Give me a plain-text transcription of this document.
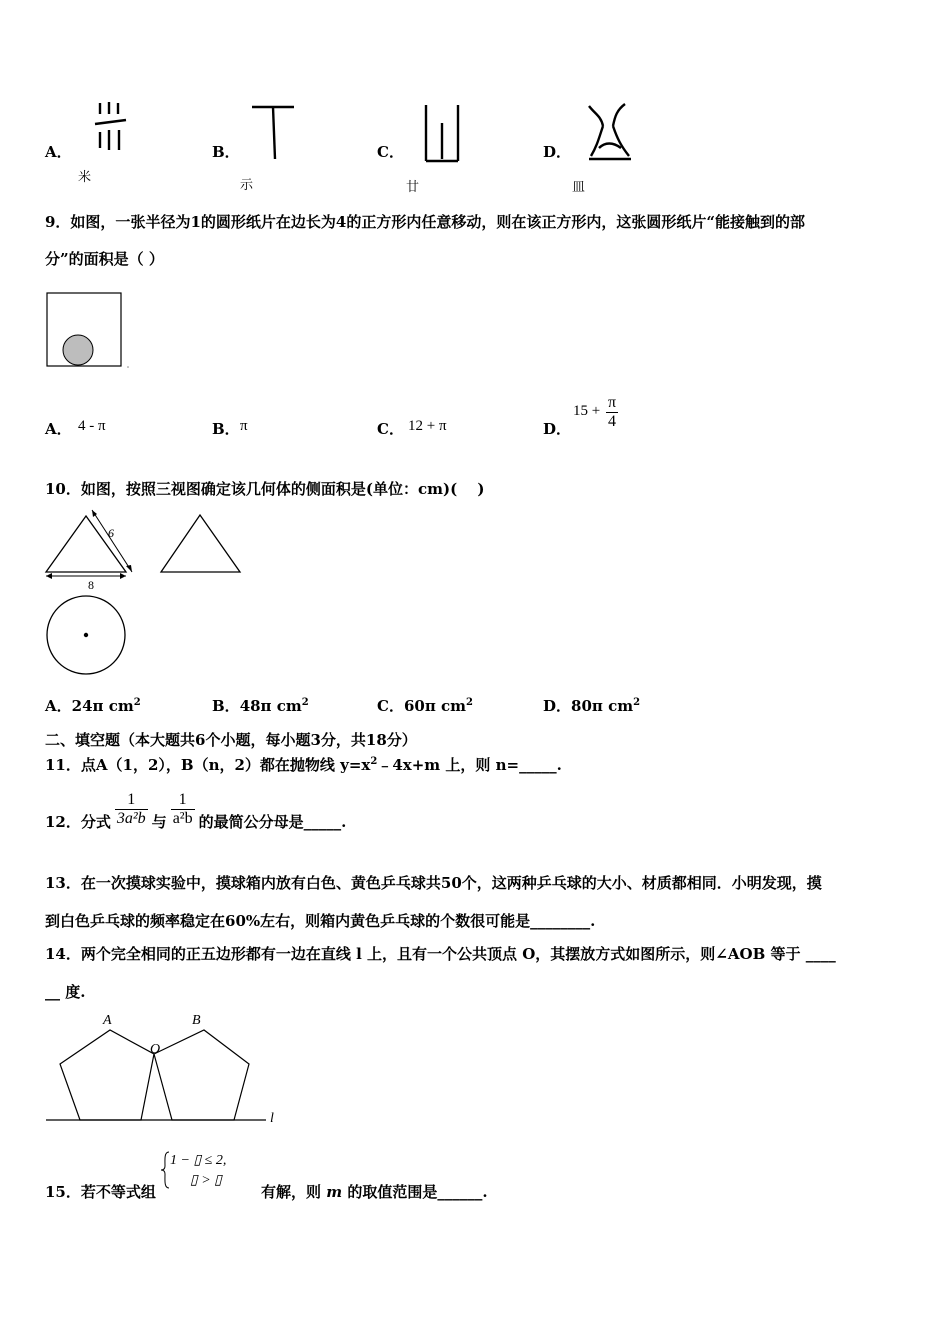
A．
米
B．
示
C．
廿
D．
皿
9．如图，一张半径为1的圆形纸片在边长为4的正方形内任意移动，则在该正方形内，这张圆形纸片“能接触到的部
分”的面积是（ ）
A． 4 - π	B． π	C． 12 + π	D．
$15 + \frac{\pi}{4}$
10．如图，按照三视图确定该几何体的侧面积是(单位：cm)(　 )
6
8
A．24π $cm^2$	B．48π $cm^2$	C．60π $cm^2$	D．80π $cm^2$
二、填空题（本大题共6个小题，每小题3分，共18分）
11．点A（1，2），B（n，2）都在抛物线 $y=x^2﹣4x+m$ 上，则 n=_____.
12．分式 $\frac{1}{\text{3a²b}}$ 与 $\frac{1}{\text{a²b}}$ 的最简公分母是_____.
13．在一次摸球实验中，摸球箱内放有白色、黄色乒乓球共50个，这两种乒乓球的大小、材质都相同．小明发现，摸
到白色乒乓球的频率稳定在60%左右，则箱内黄色乒乓球的个数很可能是________.
14．两个完全相同的正五边形都有一边在直线 l 上，且有一个公共顶点 O，其摆放方式如图所示，则∠AOB 等于 ____
__ 度.
A	B
O
l
15．若不等式组
1 − ▯ ≤ 2,
▯ > ▯
有解，则 m 的取值范围是______.
